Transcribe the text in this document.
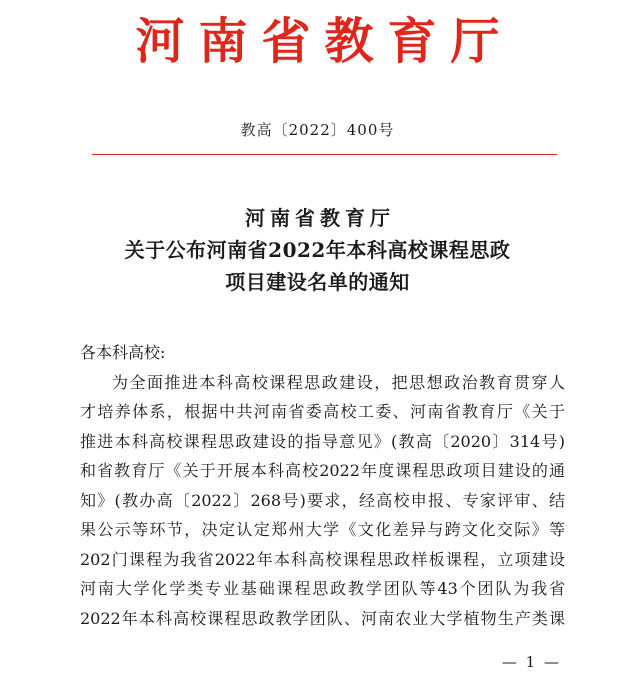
河南省教育厅
教高〔2022〕400号
河南省教育厅
关于公布河南省2022年本科高校课程思政
项目建设名单的通知
各本科高校:
为全面推进本科高校课程思政建设，把思想政治教育贯穿人
才培养体系，根据中共河南省委高校工委、河南省教育厅《关于
推进本科高校课程思政建设的指导意见》(教高〔2020〕314号)
和省教育厅《关于开展本科高校2022年度课程思政项目建设的通
知》(教办高〔2022〕268号)要求，经高校申报、专家评审、结
果公示等环节，决定认定郑州大学《文化差异与跨文化交际》等
202门课程为我省2022年本科高校课程思政样板课程，立项建设
河南大学化学类专业基础课程思政教学团队等43个团队为我省
2022年本科高校课程思政教学团队、河南农业大学植物生产类课
— 1 —
